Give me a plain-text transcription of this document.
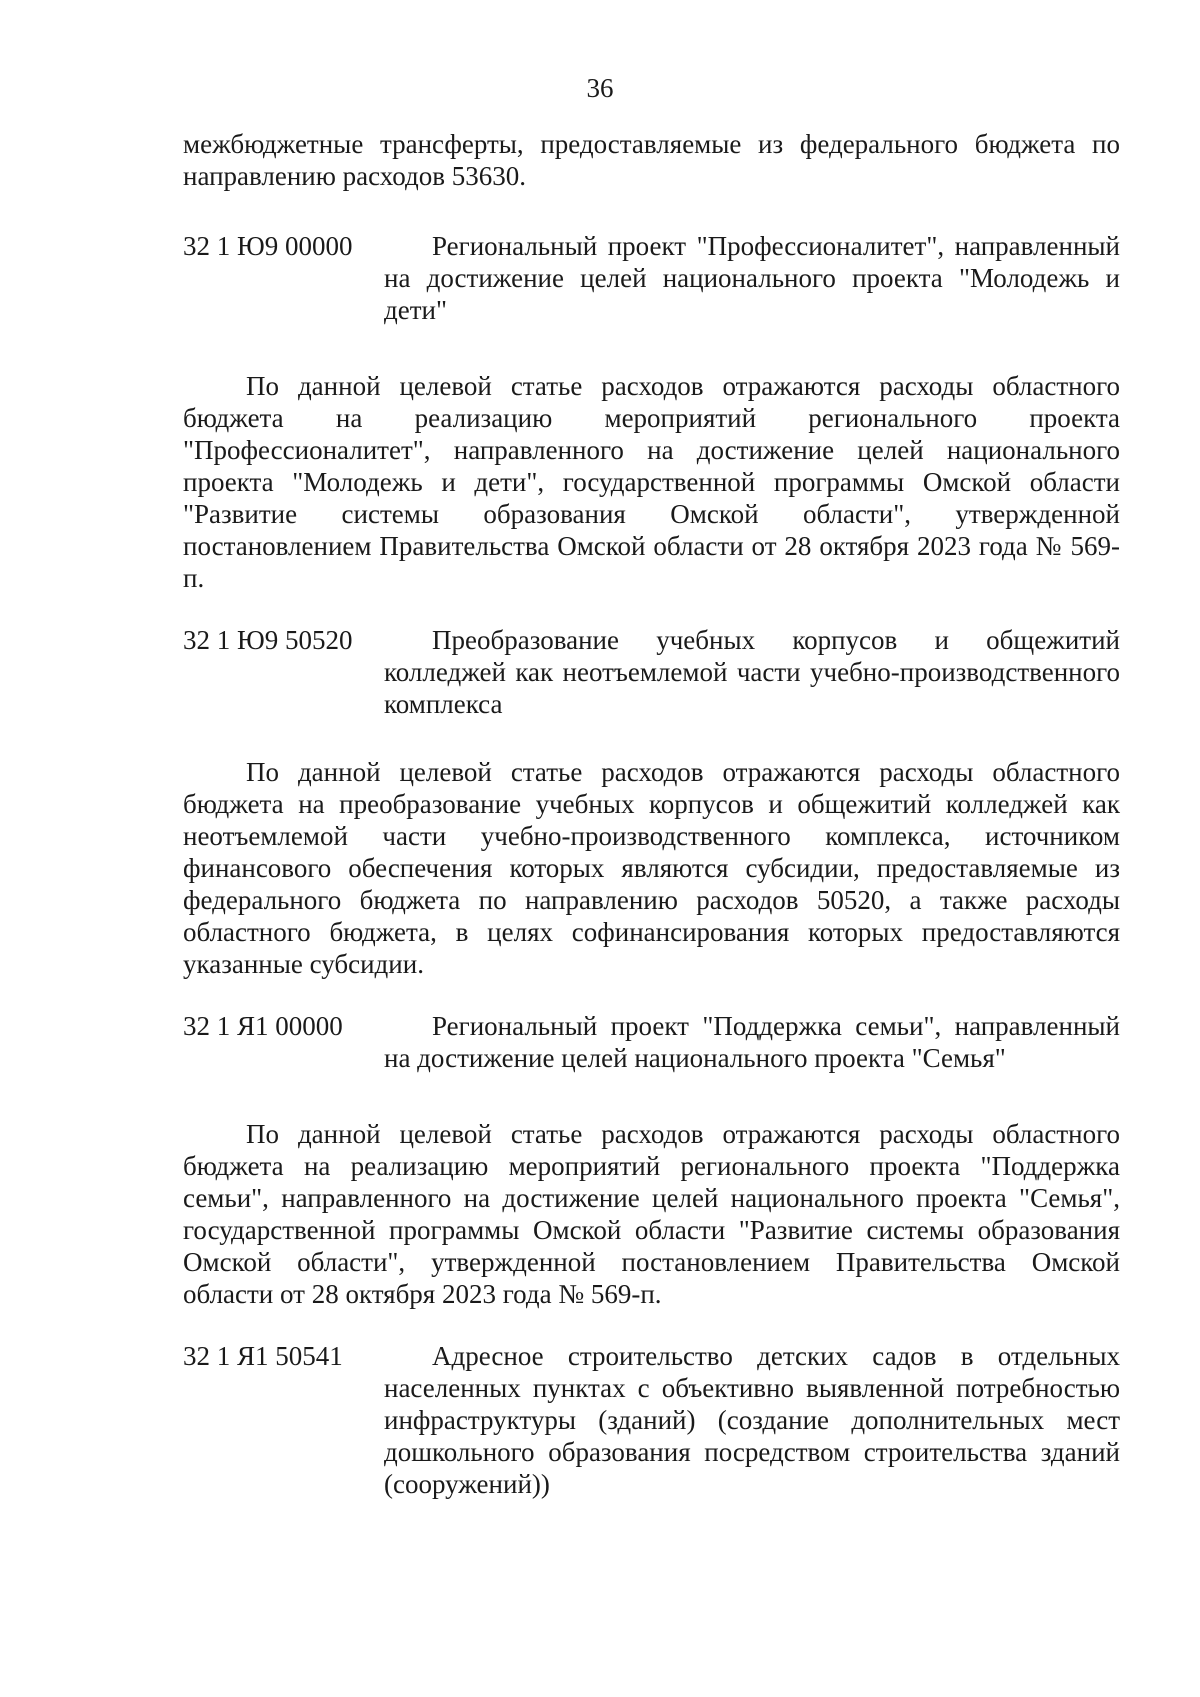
36

межбюджетные трансферты, предоставляемые из федерального бюджета по направлению расходов 53630.

32 1 Ю9 00000	Региональный проект "Профессионалитет", направленный на достижение целей национального проекта "Молодежь и дети"

По данной целевой статье расходов отражаются расходы областного бюджета на реализацию мероприятий регионального проекта "Профессионалитет", направленного на достижение целей национального проекта "Молодежь и дети", государственной программы Омской области "Развитие системы образования Омской области", утвержденной постановлением Правительства Омской области от 28 октября 2023 года № 569-п.

32 1 Ю9 50520	Преобразование учебных корпусов и общежитий колледжей как неотъемлемой части учебно-производственного комплекса

По данной целевой статье расходов отражаются расходы областного бюджета на преобразование учебных корпусов и общежитий колледжей как неотъемлемой части учебно-производственного комплекса, источником финансового обеспечения которых являются субсидии, предоставляемые из федерального бюджета по направлению расходов 50520, а также расходы областного бюджета, в целях софинансирования которых предоставляются указанные субсидии.

32 1 Я1 00000	Региональный проект "Поддержка семьи", направленный на достижение целей национального проекта "Семья"

По данной целевой статье расходов отражаются расходы областного бюджета на реализацию мероприятий регионального проекта "Поддержка семьи", направленного на достижение целей национального проекта "Семья", государственной программы Омской области "Развитие системы образования Омской области", утвержденной постановлением Правительства Омской области от 28 октября 2023 года № 569-п.

32 1 Я1 50541	Адресное строительство детских садов в отдельных населенных пунктах с объективно выявленной потребностью инфраструктуры (зданий) (создание дополнительных мест дошкольного образования посредством строительства зданий (сооружений))
